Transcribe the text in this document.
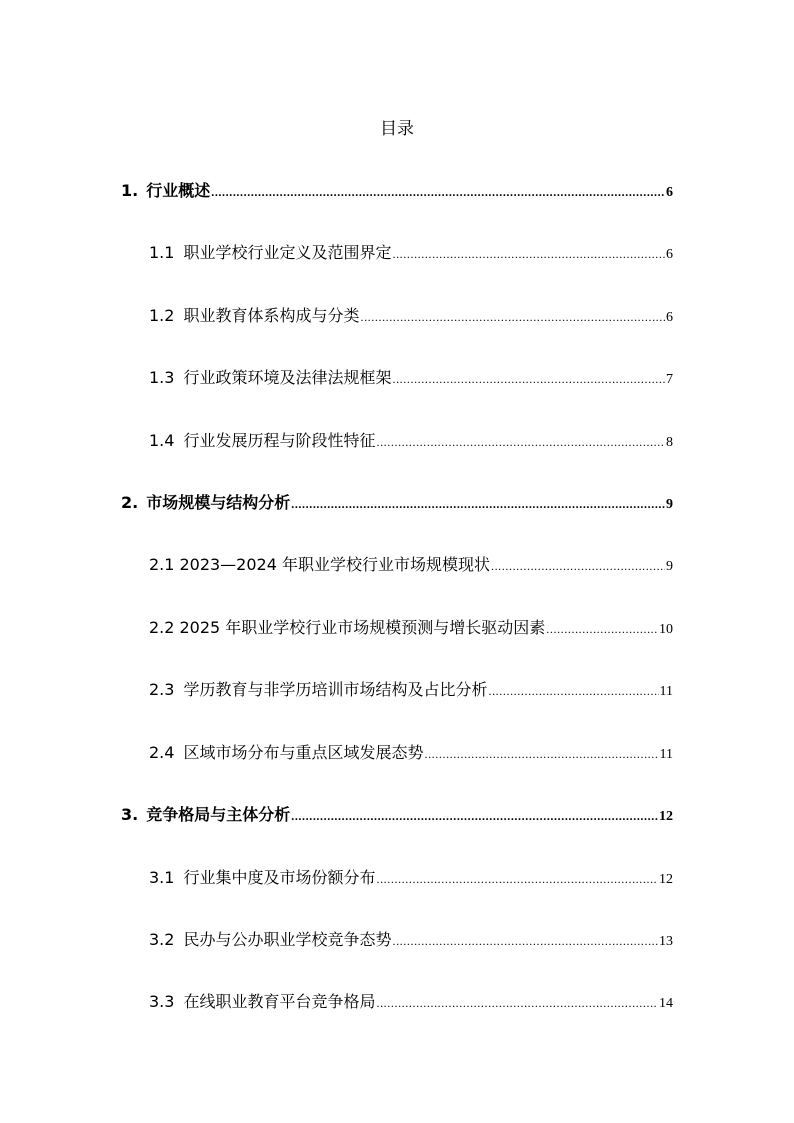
目录
1. 行业概述 .....	6
1.1 职业学校行业定义及范围界定 .....	6
1.2 职业教育体系构成与分类 .....	6
1.3 行业政策环境及法律法规框架 .....	7
1.4 行业发展历程与阶段性特征 .....	8
2. 市场规模与结构分析 .....	9
2.1 2023—2024 年职业学校行业市场规模现状 .....	9
2.2 2025 年职业学校行业市场规模预测与增长驱动因素 .....	10
2.3 学历教育与非学历培训市场结构及占比分析 .....	11
2.4 区域市场分布与重点区域发展态势 .....	11
3. 竞争格局与主体分析 .....	12
3.1 行业集中度及市场份额分布 .....	12
3.2 民办与公办职业学校竞争态势 .....	13
3.3 在线职业教育平台竞争格局 .....	14
